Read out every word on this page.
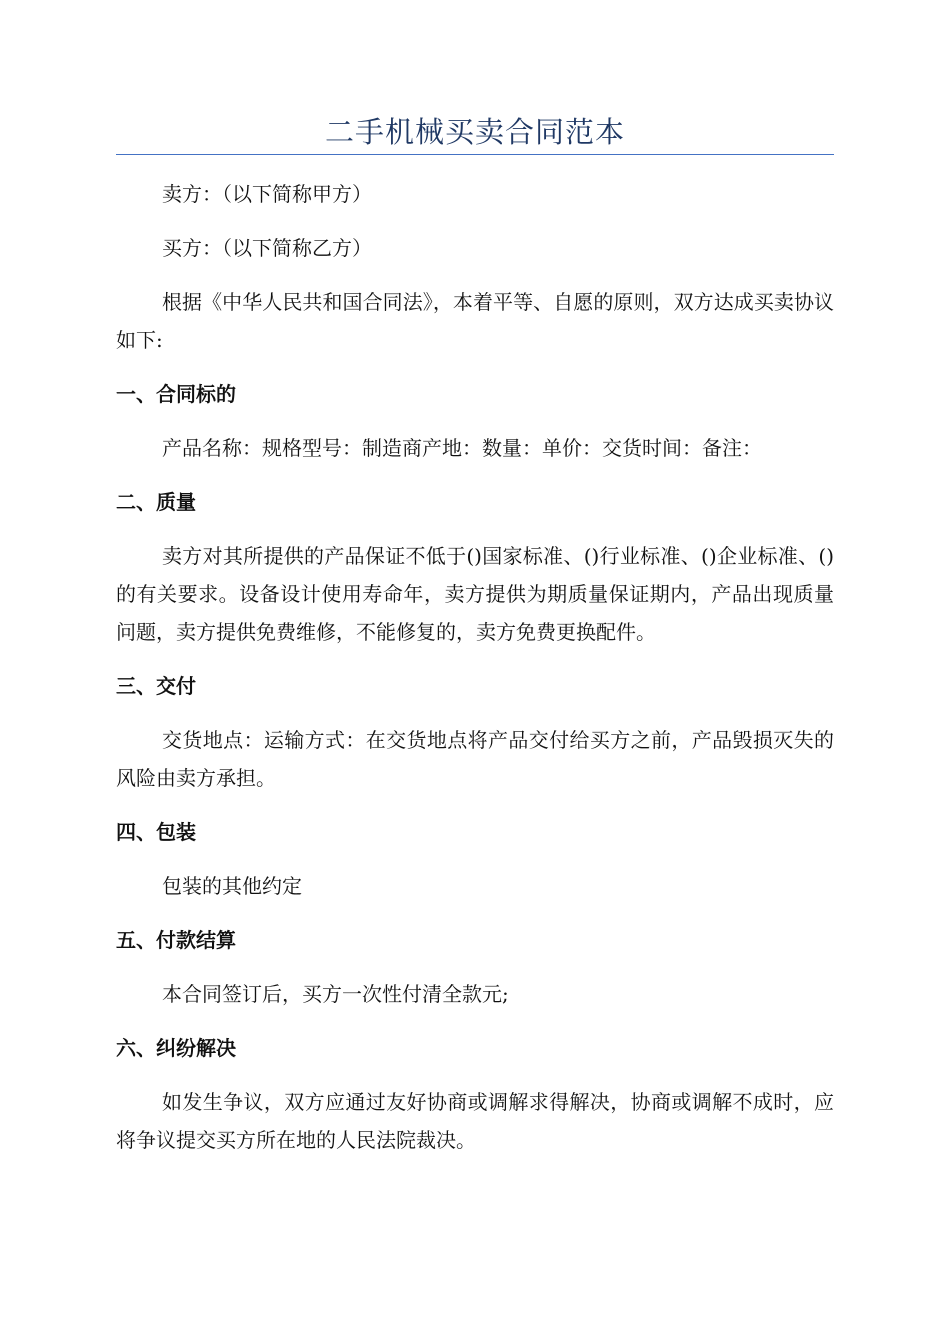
二手机械买卖合同范本

卖方：（以下简称甲方）

买方：（以下简称乙方）

根据《中华人民共和国合同法》，本着平等、自愿的原则，双方达成买卖协议如下:

一、合同标的

产品名称：规格型号：制造商产地：数量：单价：交货时间：备注：

二、质量

卖方对其所提供的产品保证不低于()国家标准、()行业标准、()企业标准、()的有关要求。设备设计使用寿命年，卖方提供为期质量保证期内，产品出现质量问题，卖方提供免费维修，不能修复的，卖方免费更换配件。

三、交付

交货地点：运输方式：在交货地点将产品交付给买方之前，产品毁损灭失的风险由卖方承担。

四、包装

包装的其他约定

五、付款结算

本合同签订后，买方一次性付清全款元;

六、纠纷解决

如发生争议，双方应通过友好协商或调解求得解决，协商或调解不成时，应将争议提交买方所在地的人民法院裁决。
